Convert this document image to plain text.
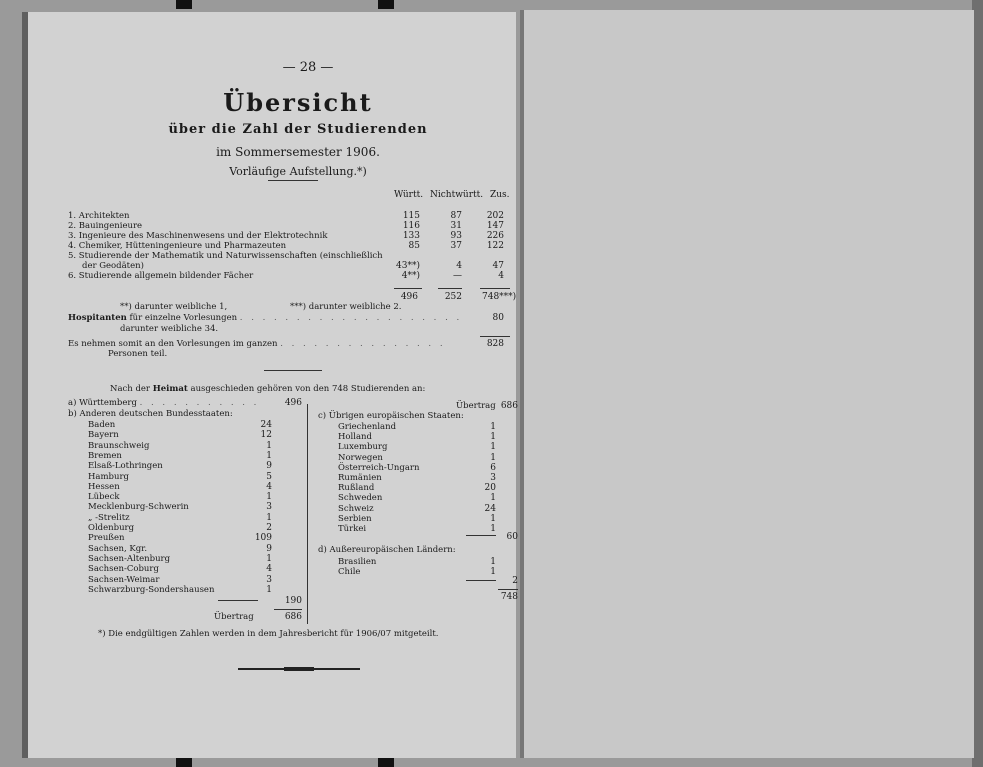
— 28 —
Übersicht
über die Zahl der Studierenden
im Sommersemester 1906.
Vorläufige Aufstellung.*)
Württ. Nichtwürtt. Zus.
1. Architekten	115	87	202
2. Bauingenieure	116	31	147
3. Ingenieure des Maschinenwesens und der Elektrotechnik	133	93	226
4. Chemiker, Hütteningenieure und Pharmazeuten	85	37	122
5. Studierende der Mathematik und Naturwissenschaften (einschließlich
der Geodäten)	43**)	4	47
6. Studierende allgemein bildender Fächer	4**)	—	4
496	252 748***)
**) darunter weibliche 1,	***) darunter weibliche 2.
Hospitanten für einzelne Vorlesungen . . . . . . . . . . . . . . . . . . . .	80
darunter weibliche 34.
Es nehmen somit an den Vorlesungen im ganzen . . . . . . . . . . . . . . .	828
Personen teil.
Nach der Heimat ausgeschieden gehören von den 748 Studierenden an:
a) Württemberg . . . . . . . . . . .	496
b) Anderen deutschen Bundesstaaten:
Baden	24
Bayern	12
Braunschweig	1
Bremen	1
Elsaß-Lothringen	9
Hamburg	5
Hessen	4
Lübeck	1
Mecklenburg-Schwerin	3
„ -Strelitz	1
Oldenburg	2
Preußen	109
Sachsen, Kgr.	9
Sachsen-Altenburg	1
Sachsen-Coburg	4
Sachsen-Weimar	3
Schwarzburg-Sondershausen	1
190
Übertrag	686
Übertrag 686
c) Übrigen europäischen Staaten:
Griechenland	1
Holland	1
Luxemburg	1
Norwegen	1
Österreich-Ungarn	6
Rumänien	3
Rußland	20
Schweden	1
Schweiz	24
Serbien	1
Türkei	1
60
d) Außereuropäischen Ländern:
Brasilien	1
Chile	1
2
748
*) Die endgültigen Zahlen werden in dem Jahresbericht für 1906/07 mitgeteilt.
